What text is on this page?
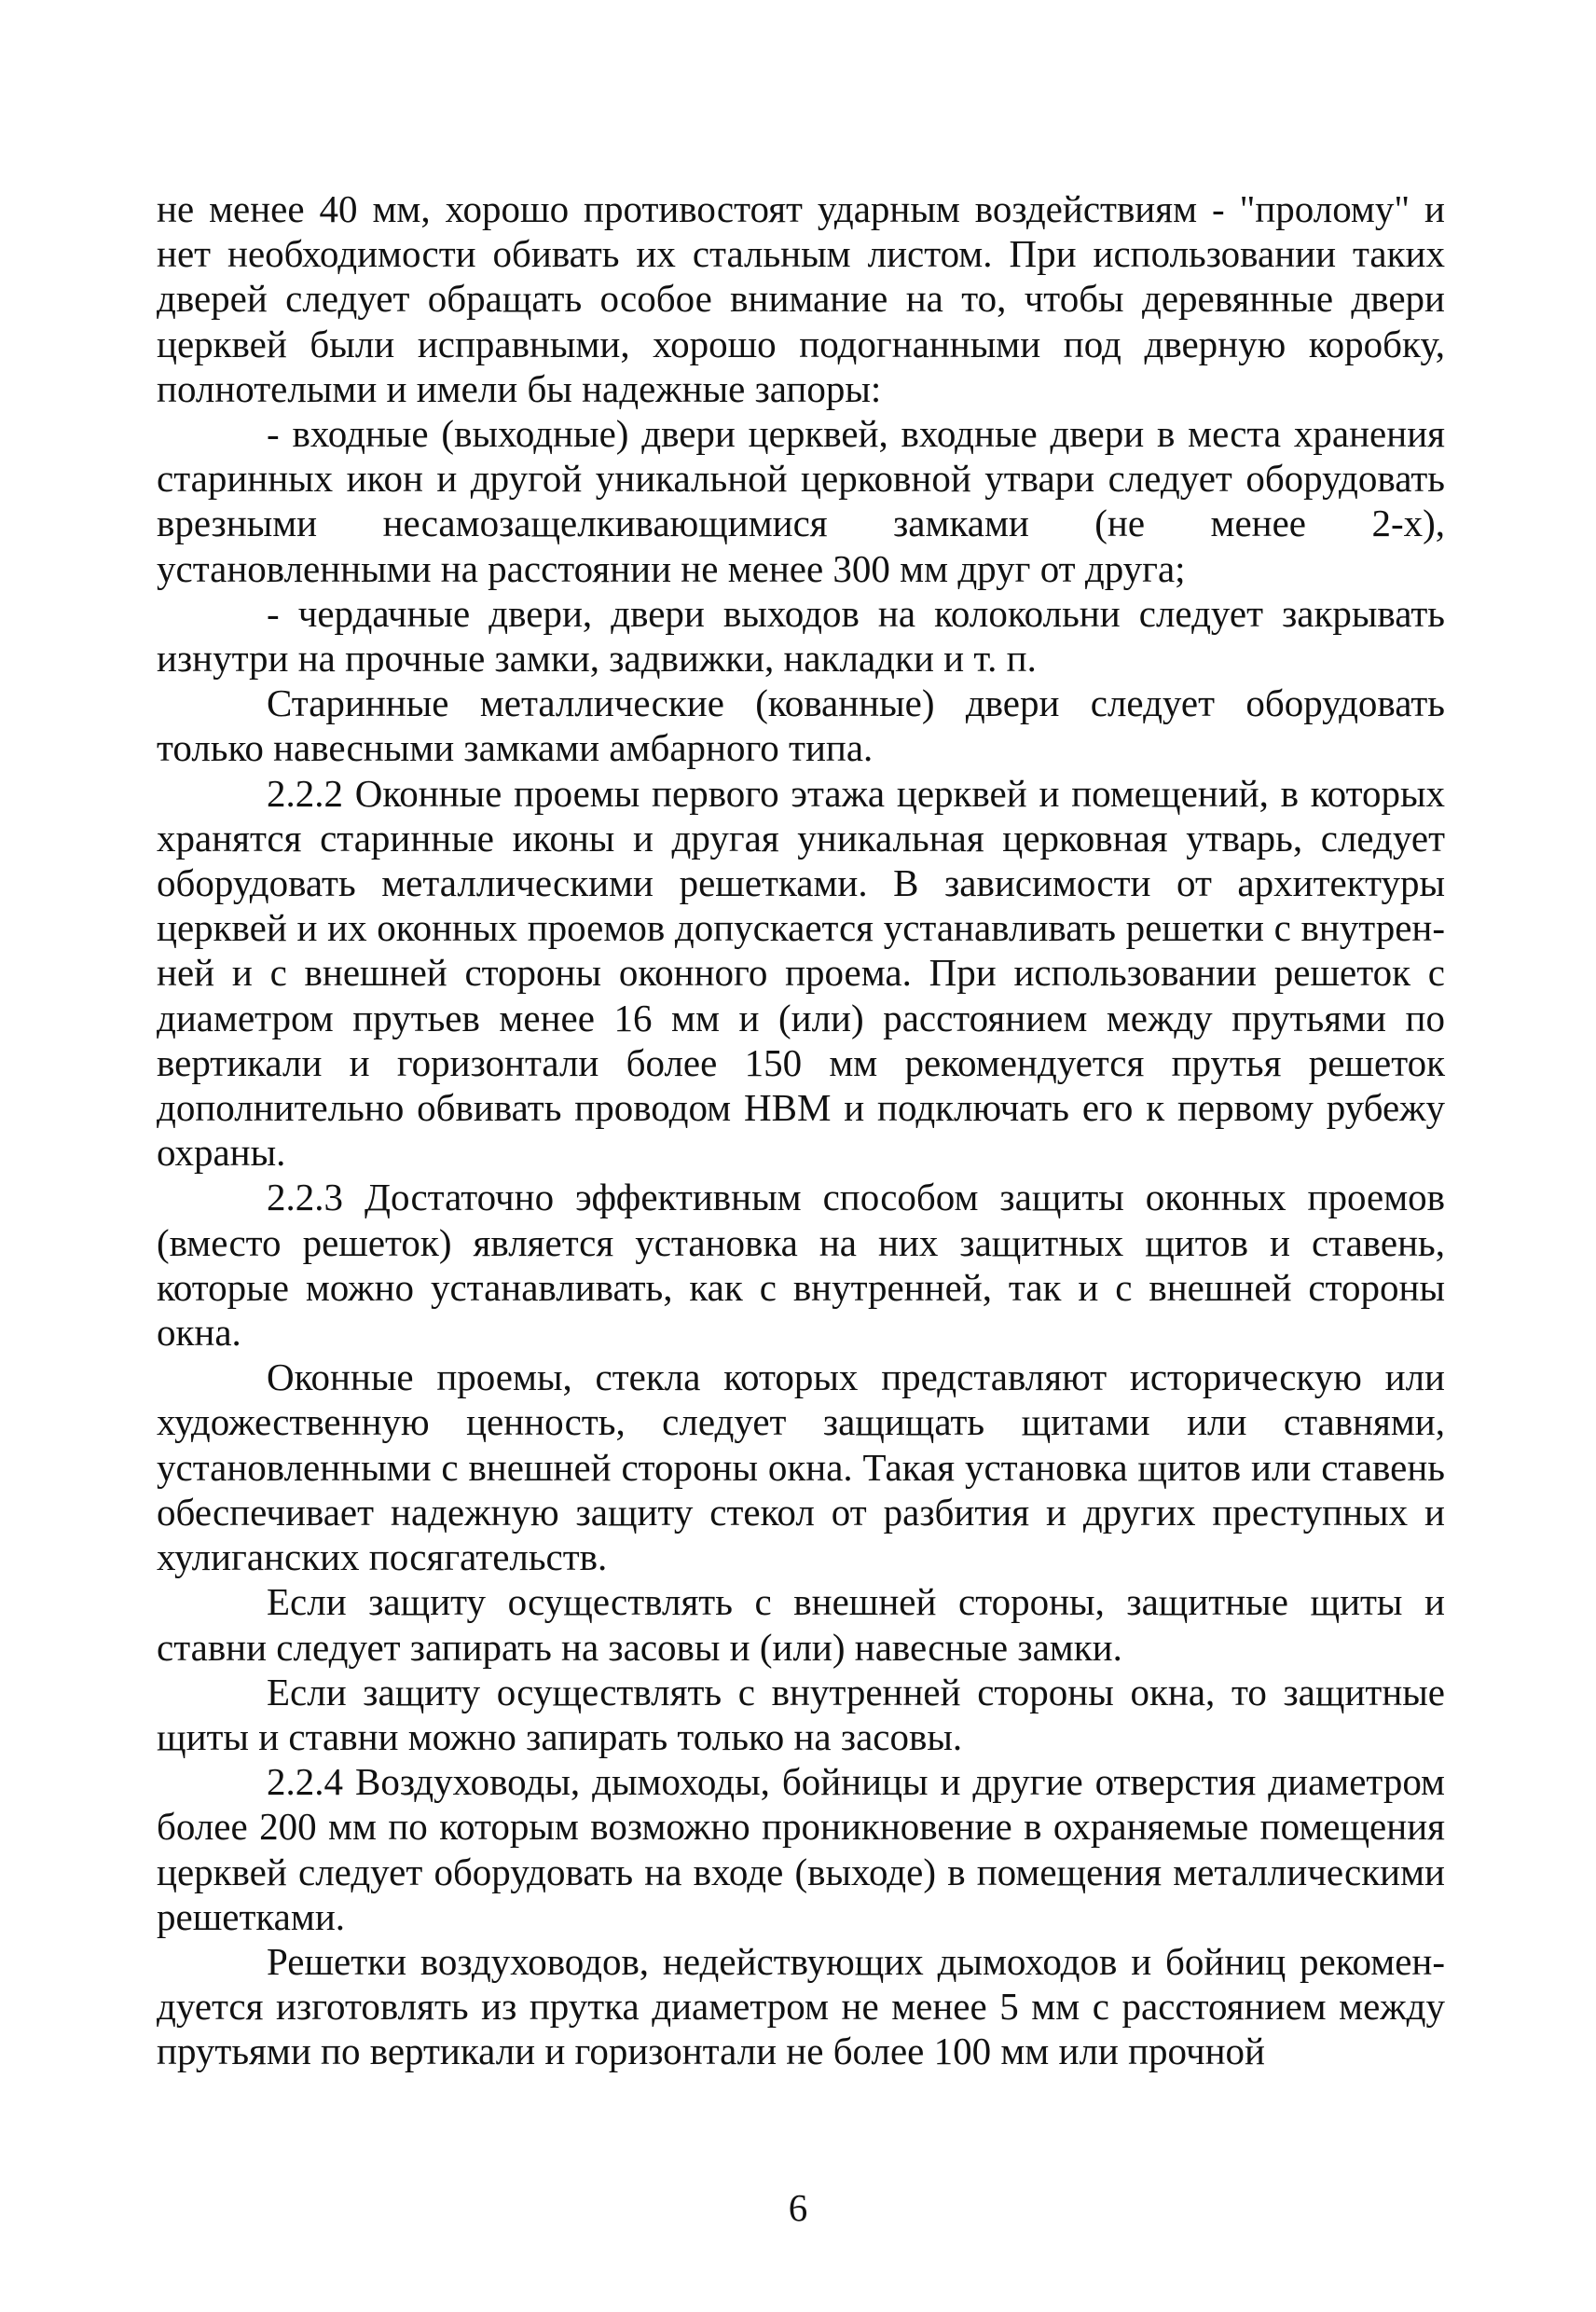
не менее 40 мм, хорошо противостоят ударным воздействиям - "пролому" и нет необходимости обивать их стальным листом. При использовании таких дверей следует обращать особое внимание на то, чтобы деревянные двери церквей были исправными, хорошо подогнанными под дверную коробку, полнотелыми и имели бы надежные запоры:

- входные (выходные) двери церквей, входные двери в места хранения старинных икон и другой уникальной церковной утвари следует оборудовать врезными несамозащелкивающимися замками (не менее 2-х), установленными на расстоянии не менее 300 мм друг от друга;

- чердачные двери, двери выходов на колокольни следует закрывать изнутри на прочные замки, задвижки, накладки и т. п.

Старинные металлические (кованные) двери следует оборудовать только навесными замками амбарного типа.

2.2.2 Оконные проемы первого этажа церквей и помещений, в которых хранятся старинные иконы и другая уникальная церковная утварь, следует оборудовать металлическими решетками. В зависимости от архитектуры церквей и их оконных проемов допускается устанавливать решетки с внутренней и с внешней стороны оконного проема. При использовании решеток с диаметром прутьев менее 16 мм и (или) расстоянием между прутьями по вертикали и горизонтали более 150 мм рекомендуется прутья решеток дополнительно обвивать проводом НВМ и подключать его к первому рубежу охраны.

2.2.3 Достаточно эффективным способом защиты оконных проемов (вместо решеток) является установка на них защитных щитов и ставень, которые можно устанавливать, как с внутренней, так и с внешней стороны окна.

Оконные проемы, стекла которых представляют историческую или художественную ценность, следует защищать щитами или ставнями, установленными с внешней стороны окна. Такая установка щитов или ставень обеспечивает надежную защиту стекол от разбития и других преступных и хулиганских посягательств.

Если защиту осуществлять с внешней стороны, защитные щиты и ставни следует запирать на засовы и (или) навесные замки.

Если защиту осуществлять с внутренней стороны окна, то защитные щиты и ставни можно запирать только на засовы.

2.2.4 Воздуховоды, дымоходы, бойницы и другие отверстия диаметром более 200 мм по которым возможно проникновение в охраняемые помещения церквей следует оборудовать на входе (выходе) в помещения металлическими решетками.

Решетки воздуховодов, недействующих дымоходов и бойниц рекомендуется изготовлять из прутка диаметром не менее 5 мм с расстоянием между прутьями по вертикали и горизонтали не более 100 мм или прочной

6
